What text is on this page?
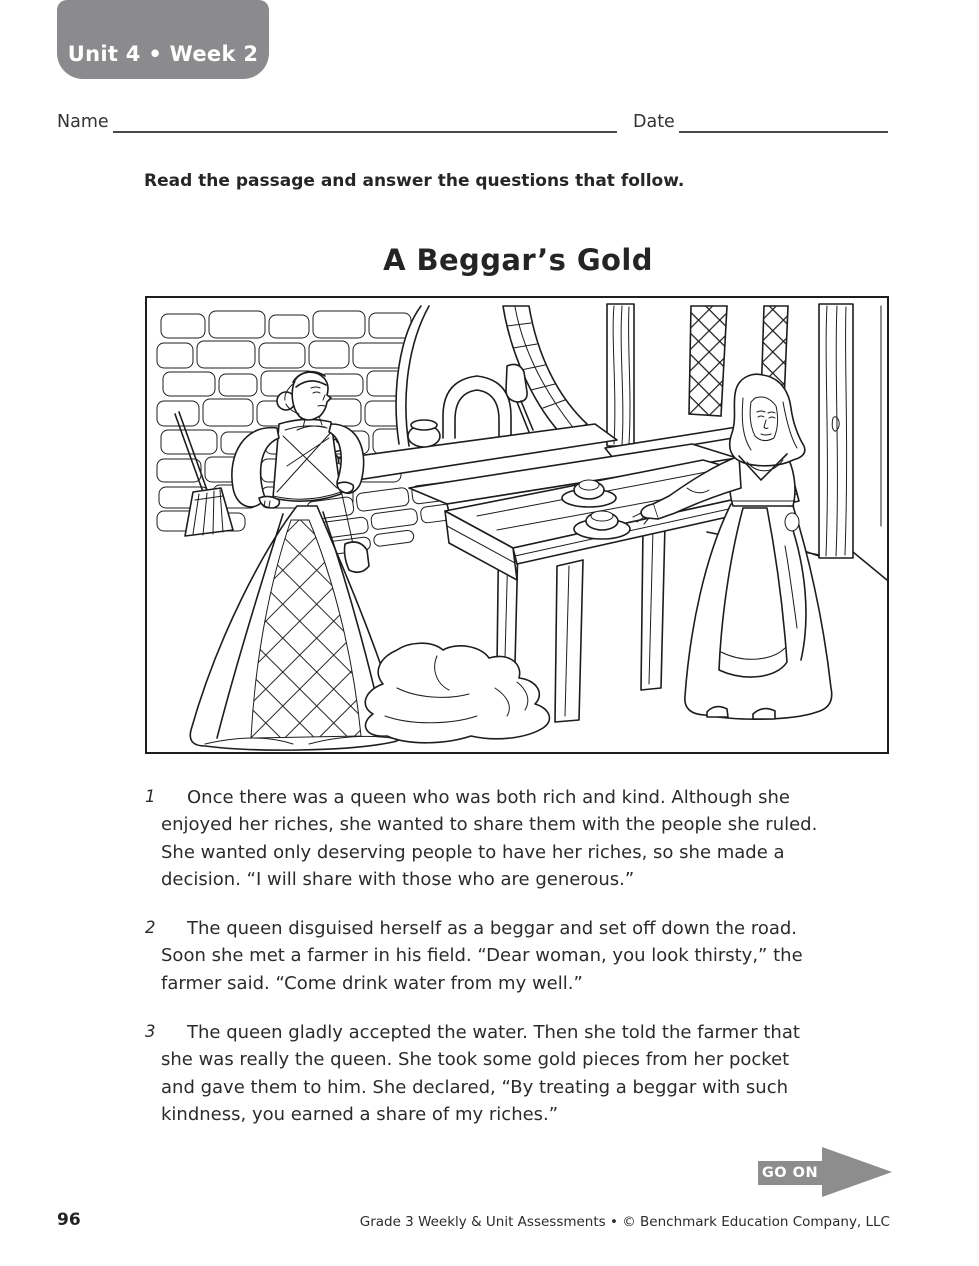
Unit 4 • Week 2
Name	Date
Read the passage and answer the questions that follow.
A Beggar’s Gold
1	Once there was a queen who was both rich and kind. Although she
enjoyed her riches, she wanted to share them with the people she ruled.
She wanted only deserving people to have her riches, so she made a
decision. “I will share with those who are generous.”
2	The queen disguised herself as a beggar and set off down the road.
Soon she met a farmer in his field. “Dear woman, you look thirsty,” the
farmer said. “Come drink water from my well.”
3	The queen gladly accepted the water. Then she told the farmer that
she was really the queen. She took some gold pieces from her pocket
and gave them to him. She declared, “By treating a beggar with such
kindness, you earned a share of my riches.”
GO ON
96	Grade 3 Weekly & Unit Assessments • © Benchmark Education Company, LLC
